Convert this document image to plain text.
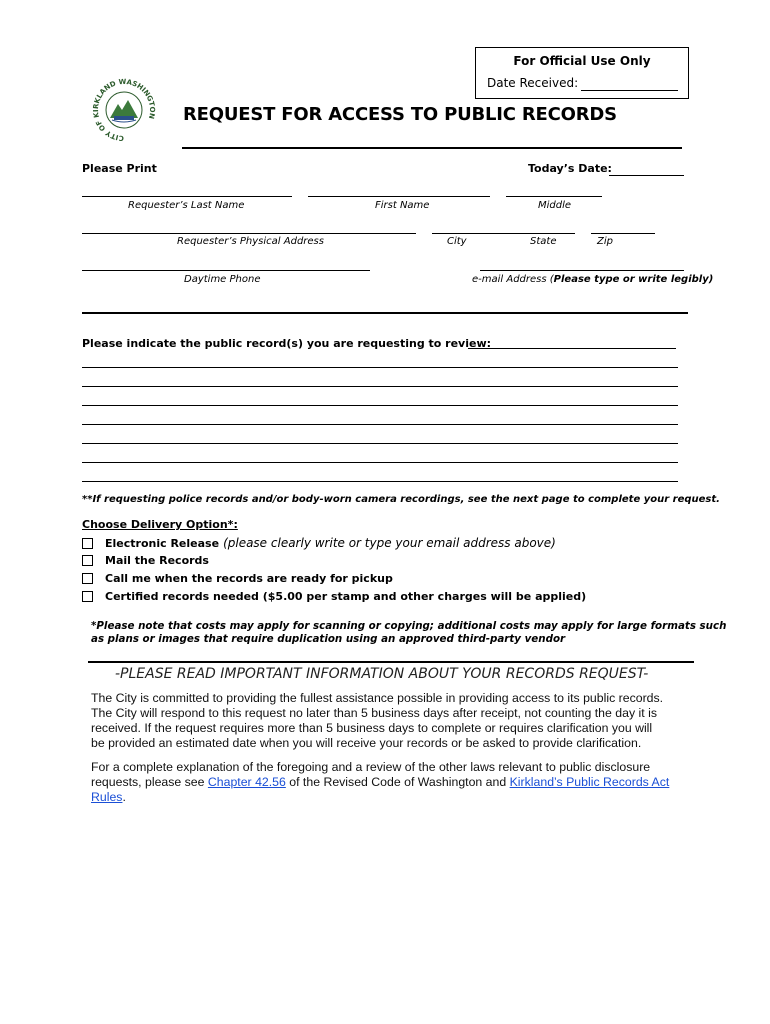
For Official Use Only
Date Received:
CITY OF KIRKLAND WASHINGTON REQUEST FOR ACCESS TO PUBLIC RECORDS
Please Print	Today’s Date:
Requester’s Last Name	First Name	Middle
Requester’s Physical Address	City	State	Zip
Daytime Phone	e-mail Address (Please type or write legibly)
Please indicate the public record(s) you are requesting to review:
**If requesting police records and/or body-worn camera recordings, see the next page to complete your request.
Choose Delivery Option*:
Electronic Release (please clearly write or type your email address above)
Mail the Records
Call me when the records are ready for pickup
Certified records needed ($5.00 per stamp and other charges will be applied)
*Please note that costs may apply for scanning or copying; additional costs may apply for large formats such
as plans or images that require duplication using an approved third-party vendor
-PLEASE READ IMPORTANT INFORMATION ABOUT YOUR RECORDS REQUEST-
The City is committed to providing the fullest assistance possible in providing access to its public records.
The City will respond to this request no later than 5 business days after receipt, not counting the day it is
received. If the request requires more than 5 business days to complete or requires clarification you will
be provided an estimated date when you will receive your records or be asked to provide clarification.
For a complete explanation of the foregoing and a review of the other laws relevant to public disclosure
requests, please see Chapter 42.56 of the Revised Code of Washington and Kirkland’s Public Records Act
Rules.
